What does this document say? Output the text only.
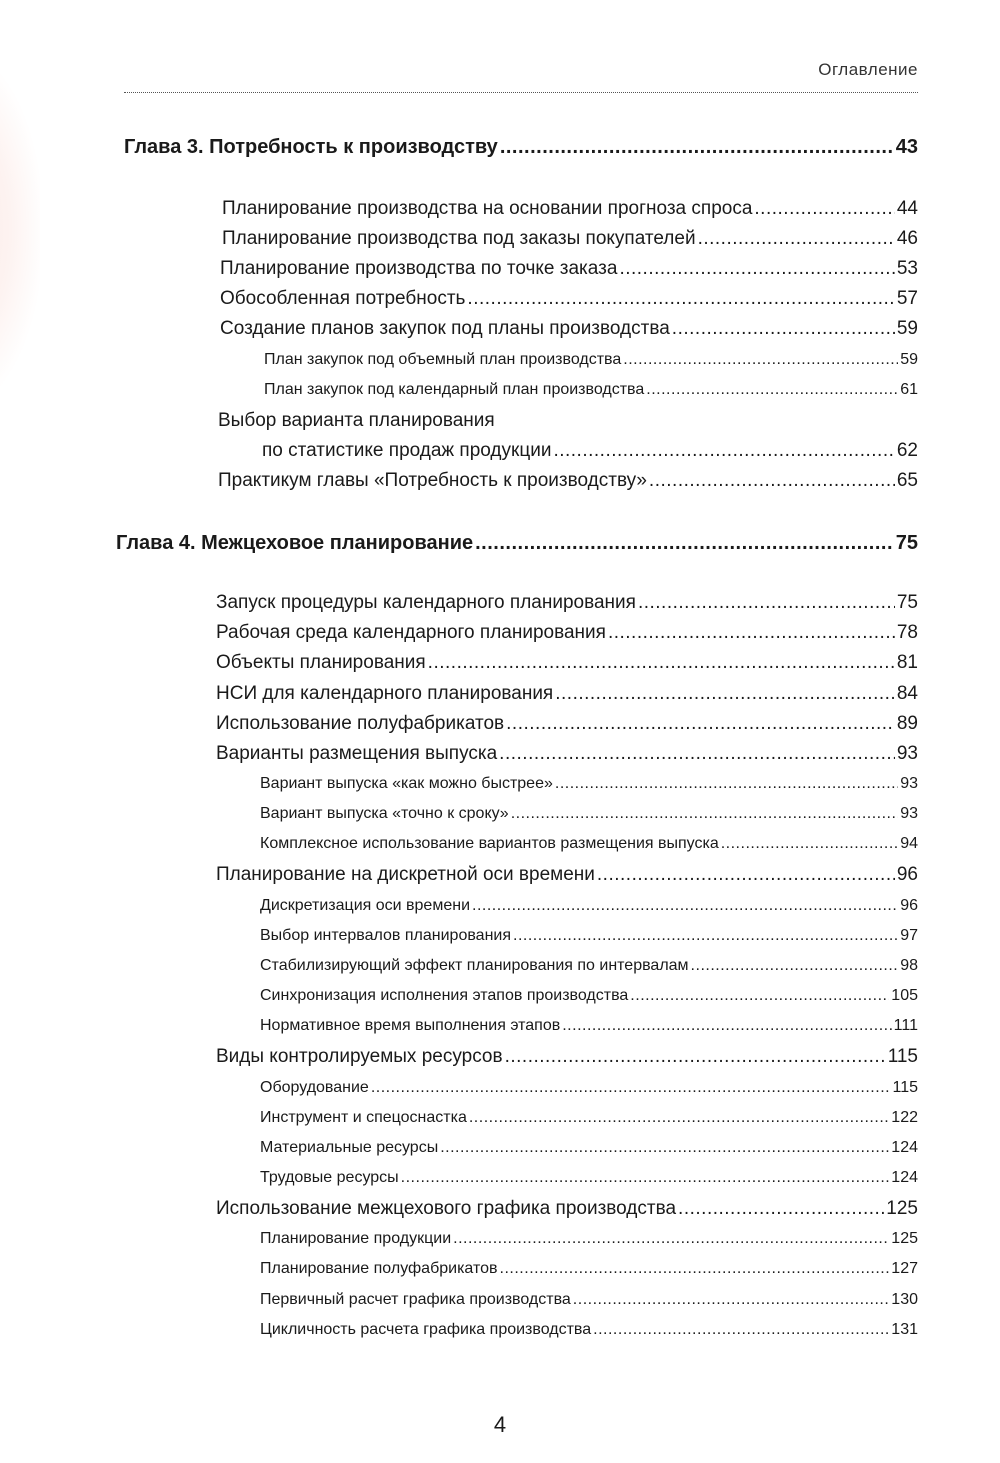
Оглавление
Глава 3. Потребность к производству .....	43
Планирование производства на основании прогноза спроса .....	44
Планирование производства под заказы покупателей .....	46
Планирование производства по точке заказа .....	53
Обособленная потребность .....	57
Создание планов закупок под планы производства .....	59
План закупок под объемный план производства .....	59
План закупок под календарный план производства .....	61
Выбор варианта планирования
по статистике продаж продукции .....	62
Практикум главы «Потребность к производству» .....	65
Глава 4. Межцеховое планирование .....	75
Запуск процедуры календарного планирования .....	75
Рабочая среда календарного планирования .....	78
Объекты планирования .....	81
НСИ для календарного планирования .....	84
Использование полуфабрикатов .....	89
Варианты размещения выпуска .....	93
Вариант выпуска «как можно быстрее» .....	93
Вариант выпуска «точно к сроку» .....	93
Комплексное использование вариантов размещения выпуска .....	94
Планирование на дискретной оси времени .....	96
Дискретизация оси времени .....	96
Выбор интервалов планирования .....	97
Стабилизирующий эффект планирования по интервалам .....	98
Синхронизация исполнения этапов производства .....	105
Нормативное время выполнения этапов .....	111
Виды контролируемых ресурсов .....	115
Оборудование .....	115
Инструмент и спецоснастка .....	122
Материальные ресурсы .....	124
Трудовые ресурсы .....	124
Использование межцехового графика производства .....	125
Планирование продукции .....	125
Планирование полуфабрикатов .....	127
Первичный расчет графика производства .....	130
Цикличность расчета графика производства .....	131
4
